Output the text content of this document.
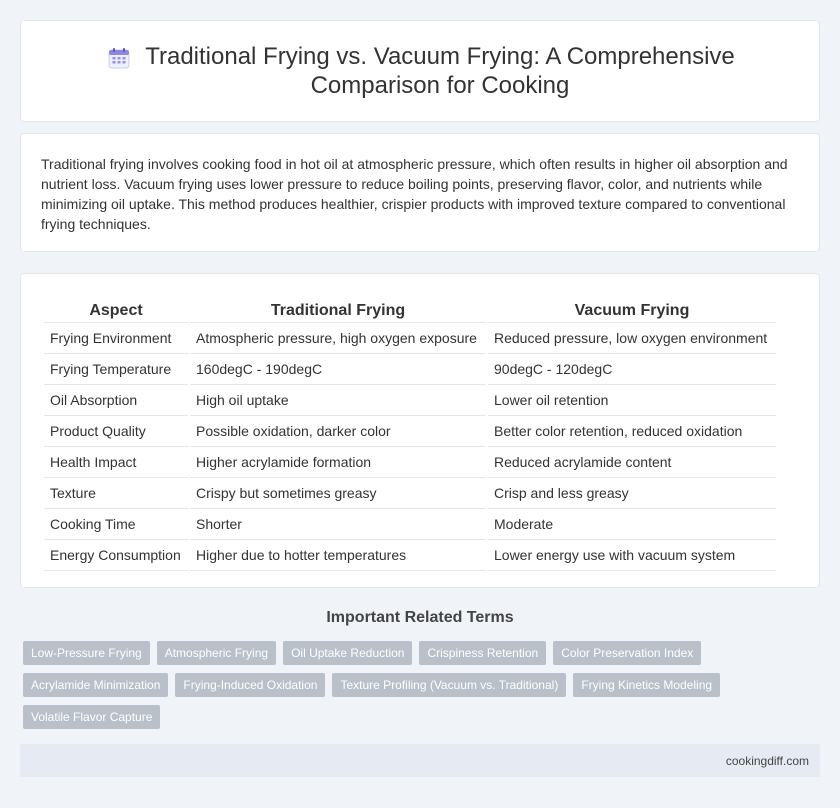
Traditional Frying vs. Vacuum Frying: A Comprehensive Comparison for Cooking

Traditional frying involves cooking food in hot oil at atmospheric pressure, which often results in higher oil absorption and nutrient loss. Vacuum frying uses lower pressure to reduce boiling points, preserving flavor, color, and nutrients while minimizing oil uptake. This method produces healthier, crispier products with improved texture compared to conventional frying techniques.

Aspect	Traditional Frying	Vacuum Frying
Frying Environment	Atmospheric pressure, high oxygen exposure	Reduced pressure, low oxygen environment
Frying Temperature	160degC - 190degC	90degC - 120degC
Oil Absorption	High oil uptake	Lower oil retention
Product Quality	Possible oxidation, darker color	Better color retention, reduced oxidation
Health Impact	Higher acrylamide formation	Reduced acrylamide content
Texture	Crispy but sometimes greasy	Crisp and less greasy
Cooking Time	Shorter	Moderate
Energy Consumption	Higher due to hotter temperatures	Lower energy use with vacuum system
Important Related Terms
Low-Pressure Frying	Atmospheric Frying	Oil Uptake Reduction	Crispiness Retention	Color Preservation Index
Acrylamide Minimization	Frying-Induced Oxidation	Texture Profiling (Vacuum vs. Traditional)	Frying Kinetics Modeling
Volatile Flavor Capture
cookingdiff.com
